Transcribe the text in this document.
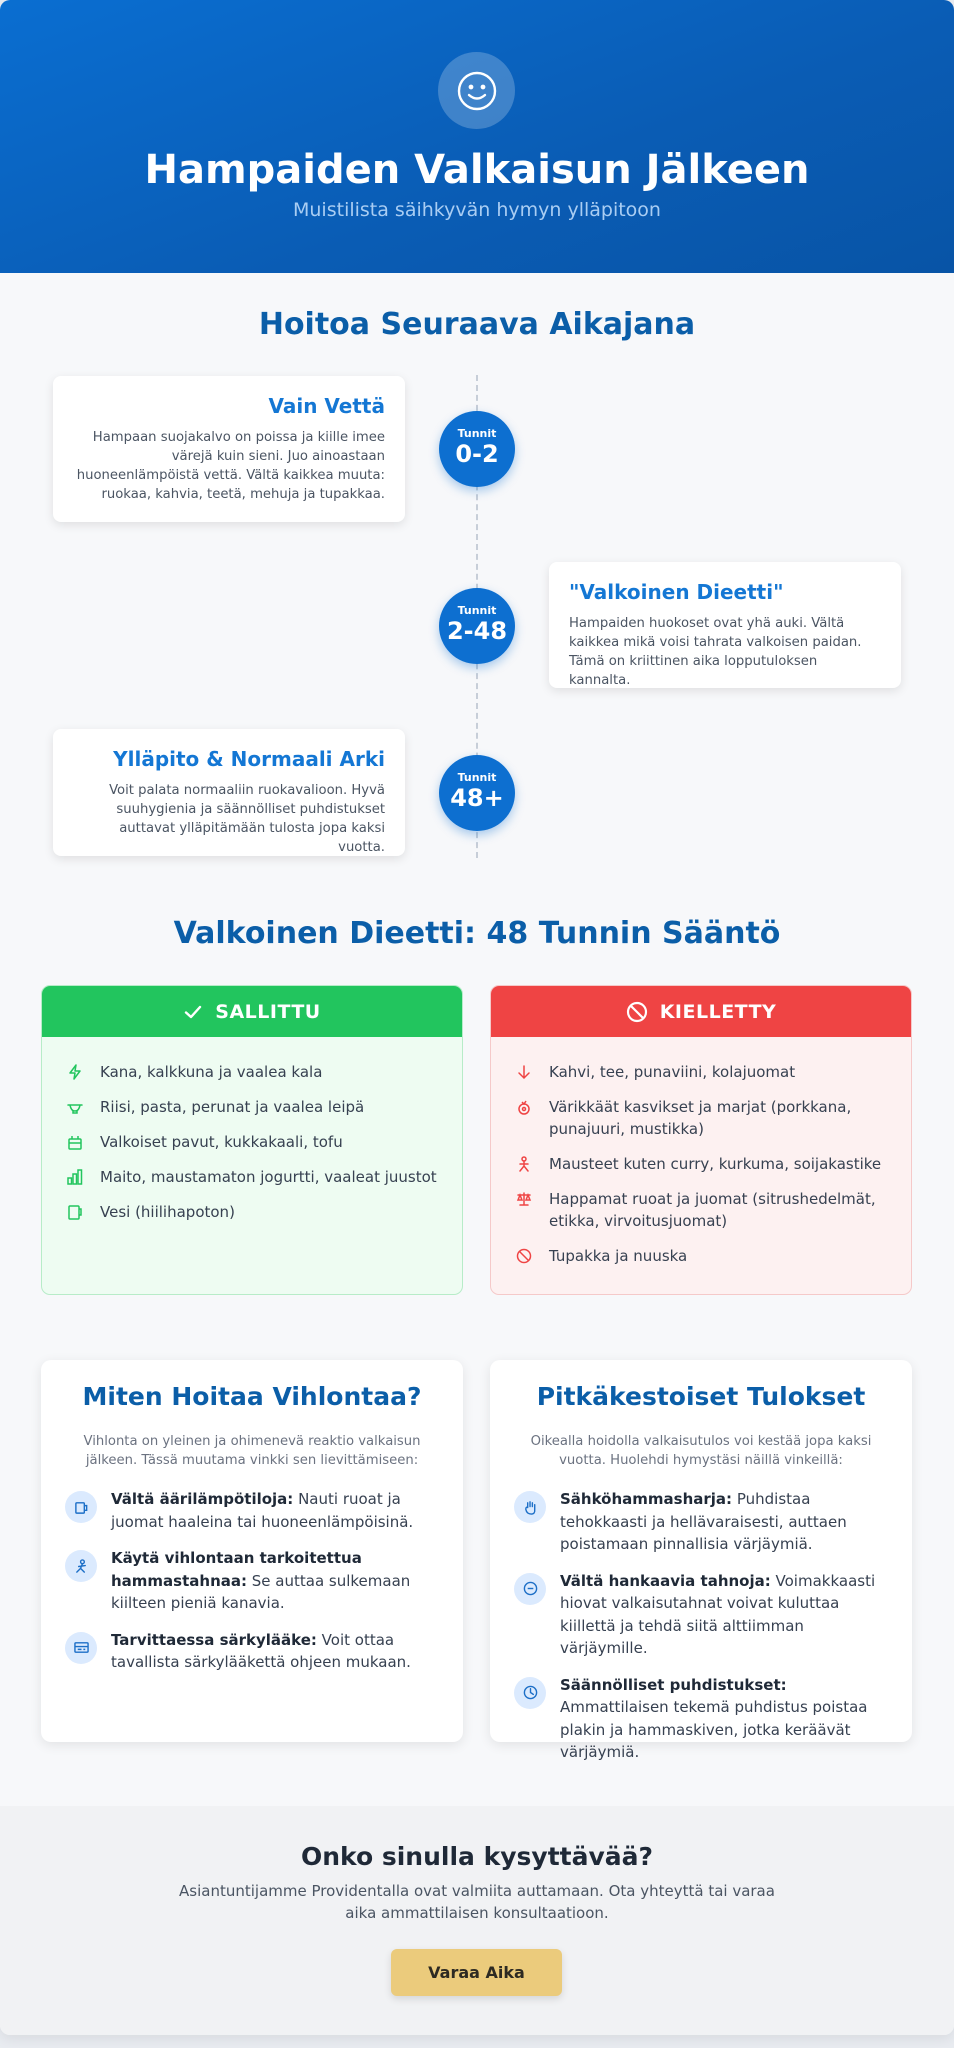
Hampaiden Valkaisun Jälkeen
Muistilista säihkyvän hymyn ylläpitoon
Hoitoa Seuraava Aikajana
Vain Vettä

Hampaan suojakalvo on poissa ja kiille imee värejä kuin sieni. Juo ainoastaan huoneenlämpöistä vettä. Vältä kaikkea muuta: ruokaa, kahvia, teetä, mehuja ja tupakkaa.

Tunnit
0-2
"Valkoinen Dieetti"

Hampaiden huokoset ovat yhä auki. Vältä kaikkea mikä voisi tahrata valkoisen paidan. Tämä on kriittinen aika lopputuloksen kannalta.

Tunnit
2-48
Ylläpito & Normaali Arki

Voit palata normaaliin ruokavalioon. Hyvä suuhygienia ja säännölliset puhdistukset auttavat ylläpitämään tulosta jopa kaksi vuotta.

Tunnit
48+
Valkoinen Dieetti: 48 Tunnin Sääntö
SALLITTU
Kana, kalkkuna ja vaalea kala
Riisi, pasta, perunat ja vaalea leipä
Valkoiset pavut, kukkakaali, tofu
Maito, maustamaton jogurtti, vaaleat juustot
Vesi (hiilihapoton)
KIELLETTY
Kahvi, tee, punaviini, kolajuomat
Värikkäät kasvikset ja marjat (porkkana, punajuuri, mustikka)
Mausteet kuten curry, kurkuma, soijakastike
Happamat ruoat ja juomat (sitrushedelmät, etikka, virvoitusjuomat)
Tupakka ja nuuska
Miten Hoitaa Vihlontaa?
Vihlonta on yleinen ja ohimenevä reaktio valkaisun jälkeen. Tässä muutama vinkki sen lievittämiseen:
Vältä äärilämpötiloja: Nauti ruoat ja juomat haaleina tai huoneenlämpöisinä.
Käytä vihlontaan tarkoitettua hammastahnaa: Se auttaa sulkemaan kiilteen pieniä kanavia.
Tarvittaessa särkylääke: Voit ottaa tavallista särkylääkettä ohjeen mukaan.
Pitkäkestoiset Tulokset
Oikealla hoidolla valkaisutulos voi kestää jopa kaksi vuotta. Huolehdi hymystäsi näillä vinkeillä:
Sähköhammasharja: Puhdistaa tehokkaasti ja hellävaraisesti, auttaen poistamaan pinnallisia värjäymiä.
Vältä hankaavia tahnoja: Voimakkaasti hiovat valkaisutahnat voivat kuluttaa kiillettä ja tehdä siitä alttiimman värjäymille.
Säännölliset puhdistukset: Ammattilaisen tekemä puhdistus poistaa plakin ja hammaskiven, jotka keräävät värjäymiä.
Onko sinulla kysyttävää?

Asiantuntijamme Providentalla ovat valmiita auttamaan. Ota yhteyttä tai varaa aika ammattilaisen konsultaatioon.

Varaa Aika
